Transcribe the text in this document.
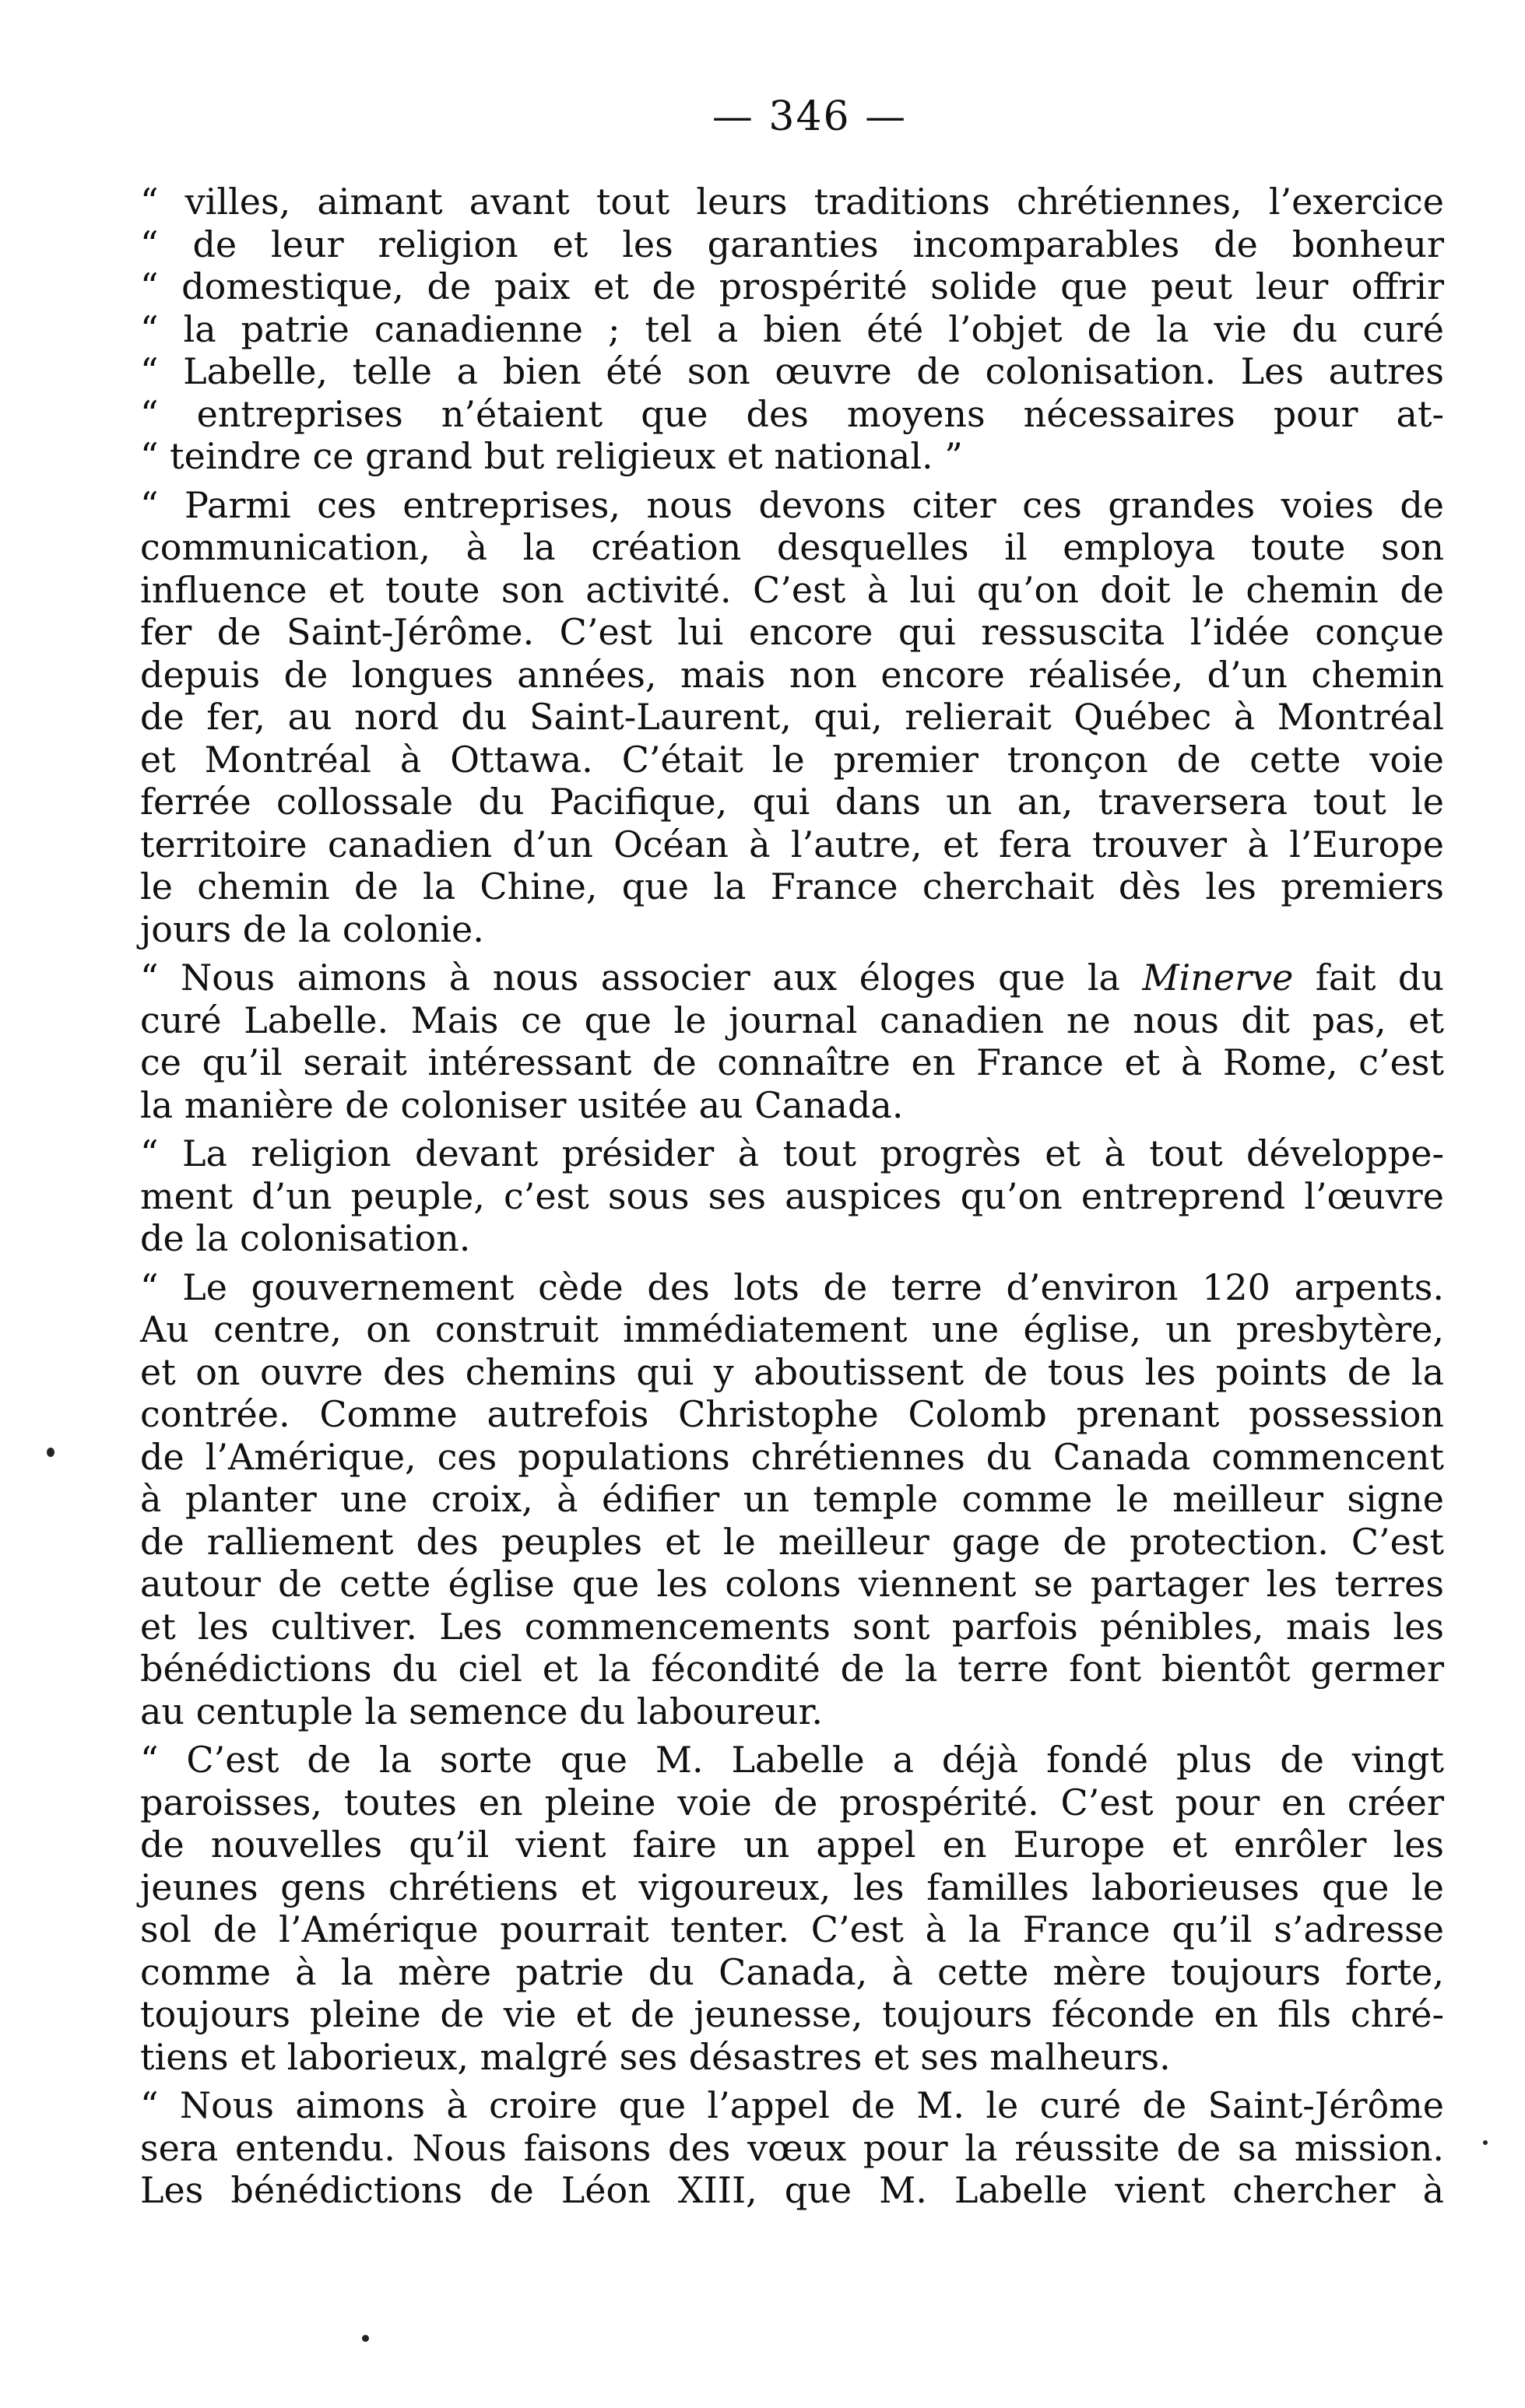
— 346 —
“ villes, aimant avant tout leurs traditions chrétiennes, l’exercice
“ de leur religion et les garanties incomparables de bonheur
“ domestique, de paix et de prospérité solide que peut leur offrir
“ la patrie canadienne ; tel a bien été l’objet de la vie du curé
“ Labelle, telle a bien été son œuvre de colonisation. Les autres
“ entreprises n’étaient que des moyens nécessaires pour at-
“ teindre ce grand but religieux et national. ”
“ Parmi ces entreprises, nous devons citer ces grandes voies de
communication, à la création desquelles il employa toute son
influence et toute son activité. C’est à lui qu’on doit le chemin de
fer de Saint-Jérôme. C’est lui encore qui ressuscita l’idée conçue
depuis de longues années, mais non encore réalisée, d’un chemin
de fer, au nord du Saint-Laurent, qui, relierait Québec à Montréal
et Montréal à Ottawa. C’était le premier tronçon de cette voie
ferrée collossale du Pacifique, qui dans un an, traversera tout le
territoire canadien d’un Océan à l’autre, et fera trouver à l’Europe
le chemin de la Chine, que la France cherchait dès les premiers
jours de la colonie.
“ Nous aimons à nous associer aux éloges que la Minerve fait du
curé Labelle. Mais ce que le journal canadien ne nous dit pas, et
ce qu’il serait intéressant de connaître en France et à Rome, c’est
la manière de coloniser usitée au Canada.
“ La religion devant présider à tout progrès et à tout développe-
ment d’un peuple, c’est sous ses auspices qu’on entreprend l’œuvre
de la colonisation.
“ Le gouvernement cède des lots de terre d’environ 120 arpents.
Au centre, on construit immédiatement une église, un presbytère,
et on ouvre des chemins qui y aboutissent de tous les points de la
contrée. Comme autrefois Christophe Colomb prenant possession
de l’Amérique, ces populations chrétiennes du Canada commencent
à planter une croix, à édifier un temple comme le meilleur signe
de ralliement des peuples et le meilleur gage de protection. C’est
autour de cette église que les colons viennent se partager les terres
et les cultiver. Les commencements sont parfois pénibles, mais les
bénédictions du ciel et la fécondité de la terre font bientôt germer
au centuple la semence du laboureur.
“ C’est de la sorte que M. Labelle a déjà fondé plus de vingt
paroisses, toutes en pleine voie de prospérité. C’est pour en créer
de nouvelles qu’il vient faire un appel en Europe et enrôler les
jeunes gens chrétiens et vigoureux, les familles laborieuses que le
sol de l’Amérique pourrait tenter. C’est à la France qu’il s’adresse
comme à la mère patrie du Canada, à cette mère toujours forte,
toujours pleine de vie et de jeunesse, toujours féconde en fils chré-
tiens et laborieux, malgré ses désastres et ses malheurs.
“ Nous aimons à croire que l’appel de M. le curé de Saint-Jérôme
sera entendu. Nous faisons des vœux pour la réussite de sa mission.
Les bénédictions de Léon XIII, que M. Labelle vient chercher à
